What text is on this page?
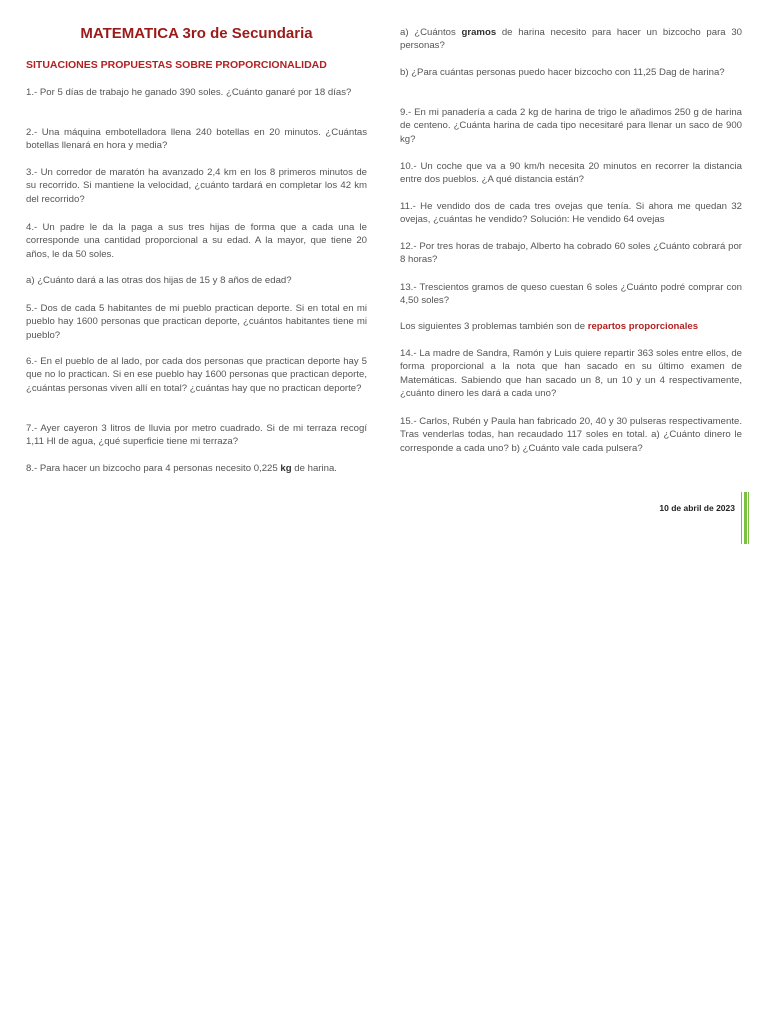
MATEMATICA 3ro de Secundaria
SITUACIONES PROPUESTAS SOBRE PROPORCIONALIDAD

1.- Por 5 días de trabajo he ganado 390 soles. ¿Cuánto ganaré por 18 días?

2.- Una máquina embotelladora llena 240 botellas en 20 minutos. ¿Cuántas botellas llenará en hora y media?

3.- Un corredor de maratón ha avanzado 2,4 km en los 8 primeros minutos de su recorrido. Si mantiene la velocidad, ¿cuánto tardará en completar los 42 km del recorrido?

4.- Un padre le da la paga a sus tres hijas de forma que a cada una le corresponde una cantidad proporcional a su edad. A la mayor, que tiene 20 años, le da 50 soles.

a) ¿Cuánto dará a las otras dos hijas de 15 y 8 años de edad?

5.- Dos de cada 5 habitantes de mi pueblo practican deporte. Si en total en mi pueblo hay 1600 personas que practican deporte, ¿cuántos habitantes tiene mi pueblo?

6.- En el pueblo de al lado, por cada dos personas que practican deporte hay 5 que no lo practican. Si en ese pueblo hay 1600 personas que practican deporte, ¿cuántas personas viven allí en total? ¿cuántas hay que no practican deporte?

7.- Ayer cayeron 3 litros de lluvia por metro cuadrado. Si de mi terraza recogí 1,11 Hl de agua, ¿qué superficie tiene mi terraza?

8.- Para hacer un bizcocho para 4 personas necesito 0,225 kg de harina.

a) ¿Cuántos gramos de harina necesito para hacer un bizcocho para 30 personas?

b) ¿Para cuántas personas puedo hacer bizcocho con 11,25 Dag de harina?

9.- En mi panadería a cada 2 kg de harina de trigo le añadimos 250 g de harina de centeno. ¿Cuánta harina de cada tipo necesitaré para llenar un saco de 900 kg?

10.- Un coche que va a 90 km/h necesita 20 minutos en recorrer la distancia entre dos pueblos. ¿A qué distancia están?

11.- He vendido dos de cada tres ovejas que tenía. Si ahora me quedan 32 ovejas, ¿cuántas he vendido? Solución: He vendido 64 ovejas

12.- Por tres horas de trabajo, Alberto ha cobrado 60 soles ¿Cuánto cobrará por 8 horas?

13.- Trescientos gramos de queso cuestan 6 soles ¿Cuánto podré comprar con 4,50 soles?

Los siguientes 3 problemas también son de repartos proporcionales

14.- La madre de Sandra, Ramón y Luis quiere repartir 363 soles entre ellos, de forma proporcional a la nota que han sacado en su último examen de Matemáticas. Sabiendo que han sacado un 8, un 10 y un 4 respectivamente, ¿cuánto dinero les dará a cada uno?

15.- Carlos, Rubén y Paula han fabricado 20, 40 y 30 pulseras respectivamente. Tras venderlas todas, han recaudado 117 soles en total. a) ¿Cuánto dinero le corresponde a cada uno? b) ¿Cuánto vale cada pulsera?

10 de abril de 2023
